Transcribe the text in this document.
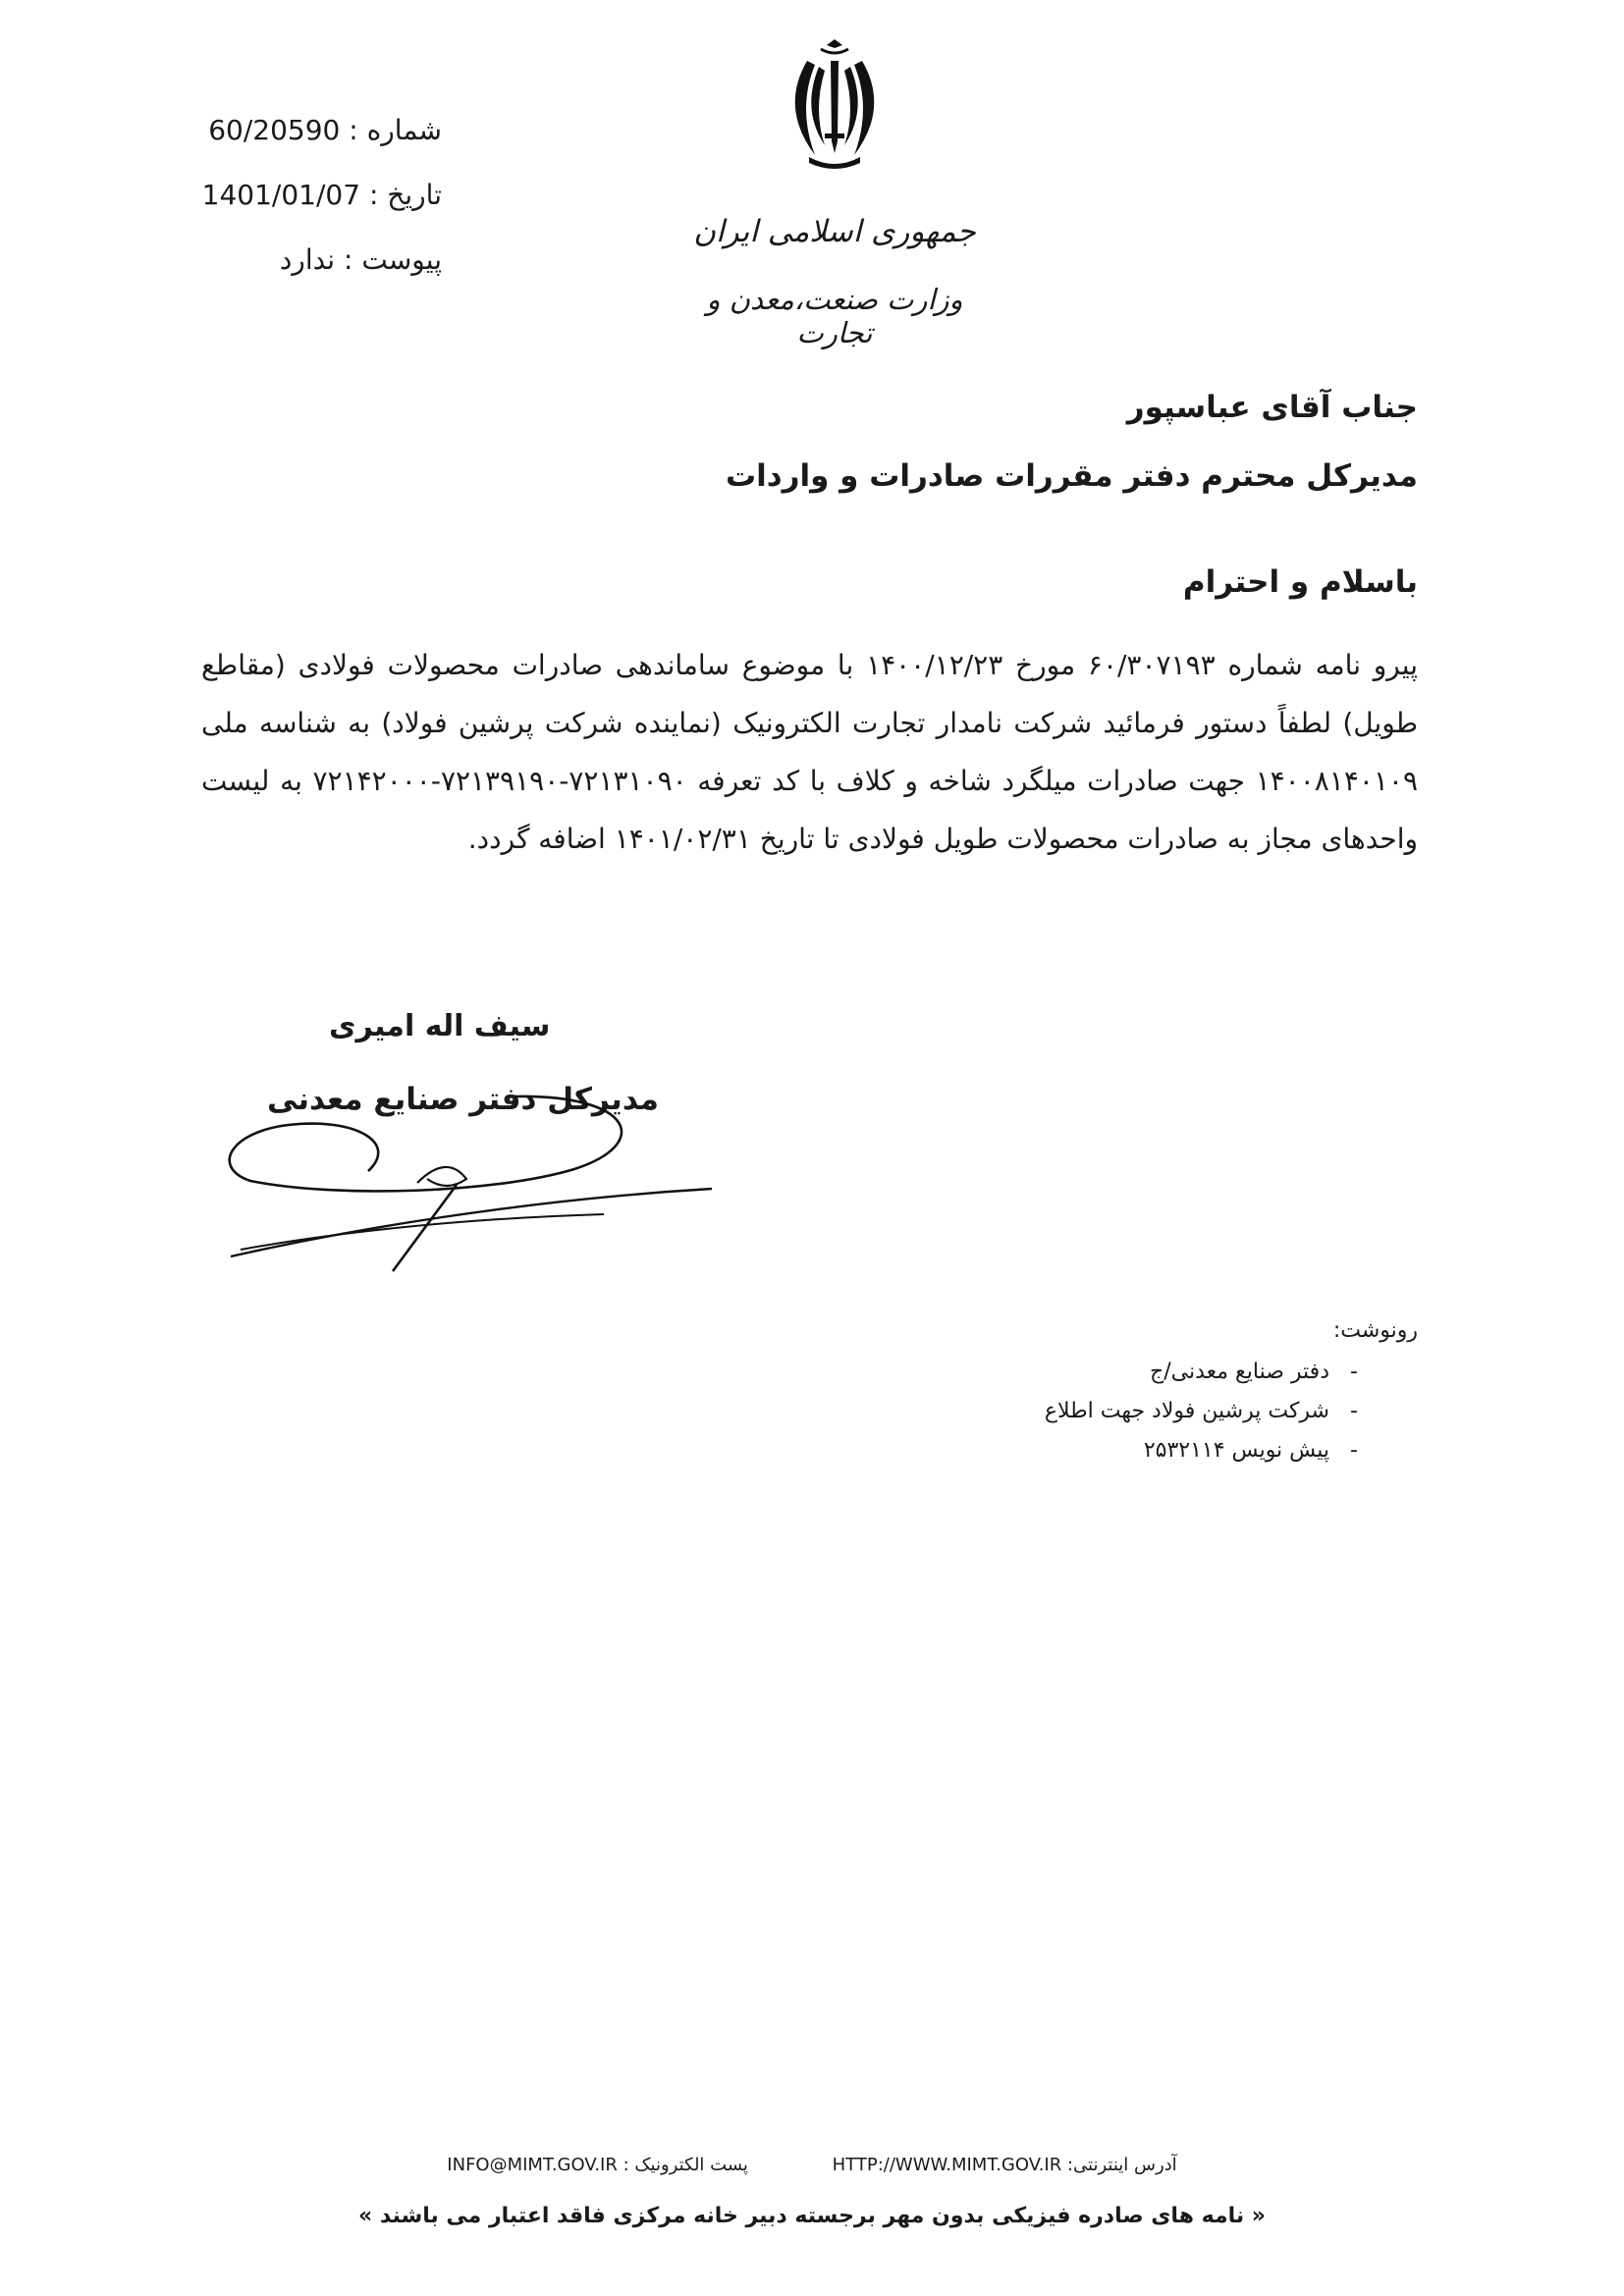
شماره : 60/20590
تاریخ : 1401/01/07
پیوست : ندارد
جمهوری اسلامی ایران
وزارت صنعت،معدن و تجارت
جناب آقای عباسپور
مدیرکل محترم دفتر مقررات صادرات و واردات
باسلام و احترام

پیرو نامه شماره ۶۰/۳۰۷۱۹۳ مورخ ۱۴۰۰/۱۲/۲۳ با موضوع ساماندهی صادرات محصولات فولادی (مقاطع طویل) لطفاً دستور فرمائید شرکت نامدار تجارت الکترونیک (نماینده شرکت پرشین فولاد) به شناسه ملی ۱۴۰۰۸۱۴۰۱۰۹ جهت صادرات میلگرد شاخه و کلاف با کد تعرفه ۷۲۱۳۱۰۹۰-۷۲۱۳۹۱۹۰-۷۲۱۴۲۰۰۰ به لیست واحدهای مجاز به صادرات محصولات طویل فولادی تا تاریخ ۱۴۰۱/۰۲/۳۱ اضافه گردد.

سیف اله امیری
مدیرکل دفتر صنایع معدنی
رونوشت:
-دفتر صنایع معدنی/ج
-شرکت پرشین فولاد جهت اطلاع
-پیش نویس ۲۵۳۲۱۱۴
INFO@MIMT.GOV.IR پست الکترونیک :	HTTP://WWW.MIMT.GOV.IR آدرس اینترنتی:
« نامه های صادره فیزیکی بدون مهر برجسته دبیر خانه مرکزی فاقد اعتبار می باشند »
